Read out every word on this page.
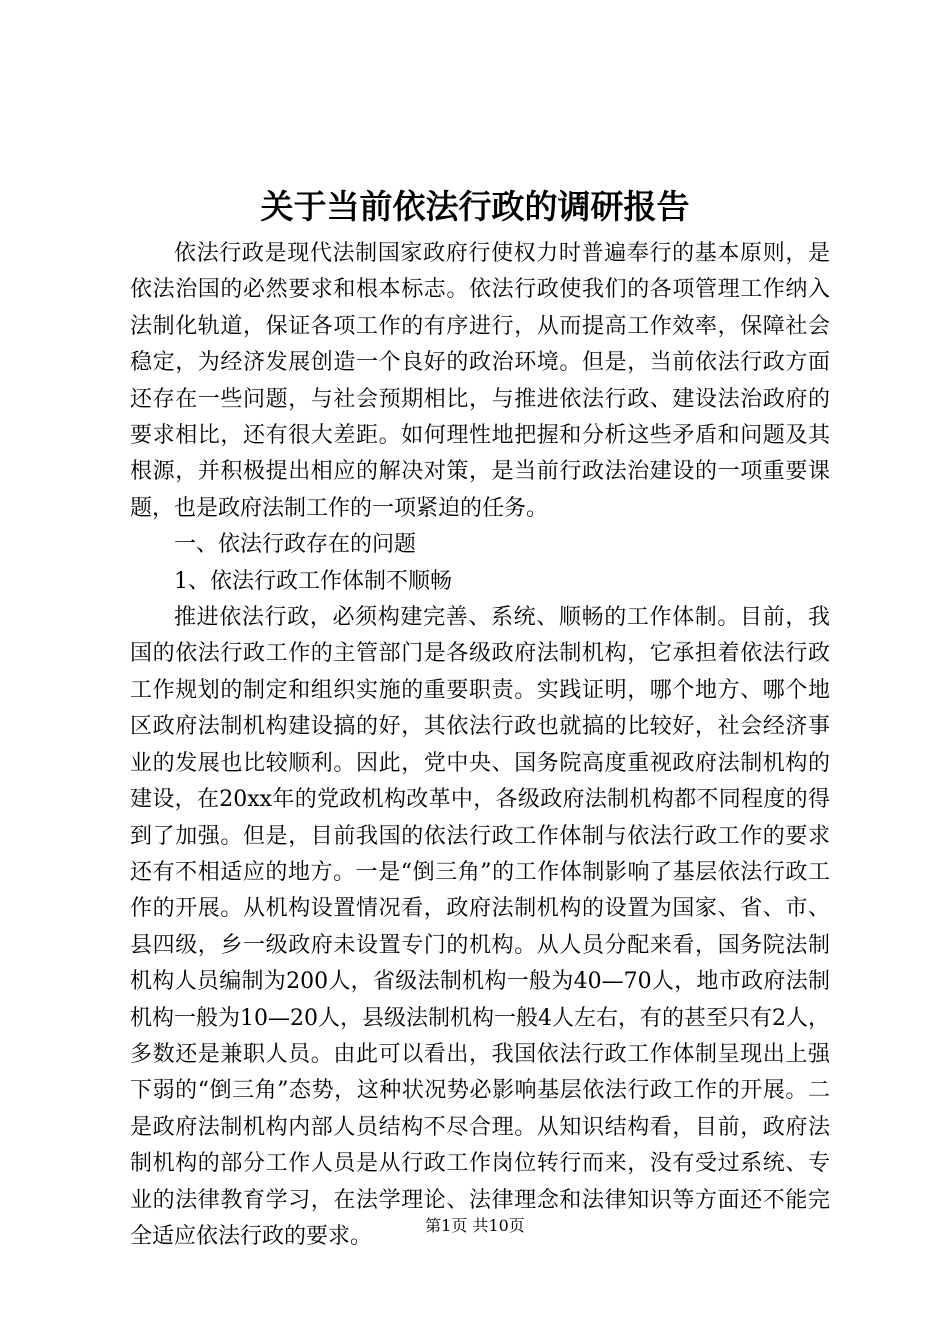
关于当前依法行政的调研报告

依法行政是现代法制国家政府行使权力时普遍奉行的基本原则，是依法治国的必然要求和根本标志。依法行政使我们的各项管理工作纳入法制化轨道，保证各项工作的有序进行，从而提高工作效率，保障社会稳定，为经济发展创造一个良好的政治环境。但是，当前依法行政方面还存在一些问题，与社会预期相比，与推进依法行政、建设法治政府的要求相比，还有很大差距。如何理性地把握和分析这些矛盾和问题及其根源，并积极提出相应的解决对策，是当前行政法治建设的一项重要课题，也是政府法制工作的一项紧迫的任务。

一、依法行政存在的问题

1、依法行政工作体制不顺畅

推进依法行政，必须构建完善、系统、顺畅的工作体制。目前，我国的依法行政工作的主管部门是各级政府法制机构，它承担着依法行政工作规划的制定和组织实施的重要职责。实践证明，哪个地方、哪个地区政府法制机构建设搞的好，其依法行政也就搞的比较好，社会经济事业的发展也比较顺利。因此，党中央、国务院高度重视政府法制机构的建设，在20xx年的党政机构改革中，各级政府法制机构都不同程度的得到了加强。但是，目前我国的依法行政工作体制与依法行政工作的要求还有不相适应的地方。一是“倒三角”的工作体制影响了基层依法行政工作的开展。从机构设置情况看，政府法制机构的设置为国家、省、市、县四级，乡一级政府未设置专门的机构。从人员分配来看，国务院法制机构人员编制为200人，省级法制机构一般为40—70人，地市政府法制机构一般为10—20人，县级法制机构一般4人左右，有的甚至只有2人，多数还是兼职人员。由此可以看出，我国依法行政工作体制呈现出上强下弱的“倒三角”态势，这种状况势必影响基层依法行政工作的开展。二是政府法制机构内部人员结构不尽合理。从知识结构看，目前，政府法制机构的部分工作人员是从行政工作岗位转行而来，没有受过系统、专业的法律教育学习，在法学理论、法律理念和法律知识等方面还不能完全适应依法行政的要求。	第1页 共10页
